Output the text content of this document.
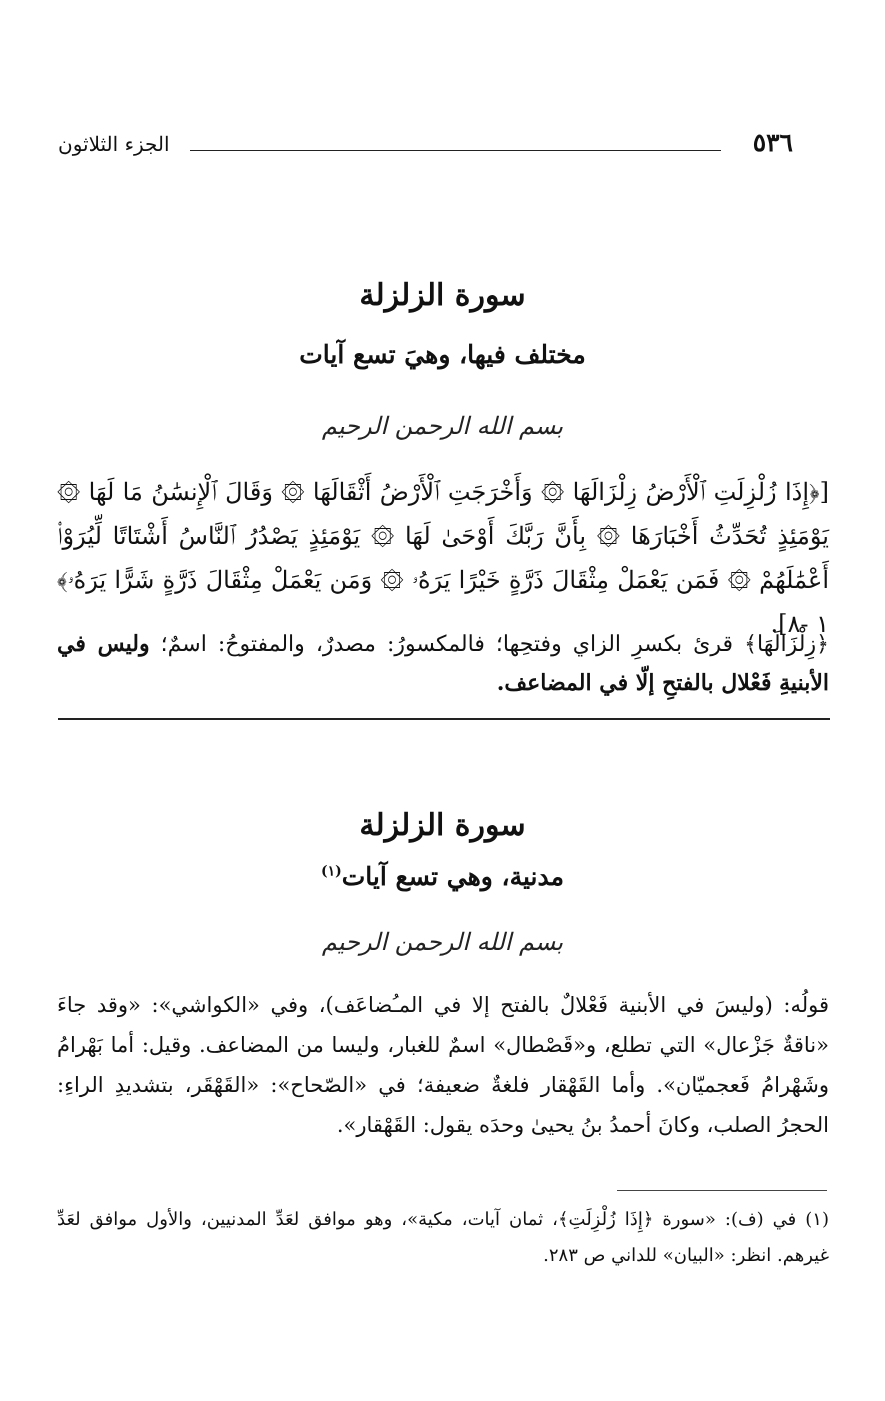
٥٣٦
الجزء الثلاثون
سورة الزلزلة
مختلف فيها، وهيَ تسع آيات
بسم الله الرحمن الرحيم
[﴿إِذَا زُلْزِلَتِ ٱلْأَرْضُ زِلْزَالَهَا ۞ وَأَخْرَجَتِ ٱلْأَرْضُ أَثْقَالَهَا ۞ وَقَالَ ٱلْإِنسَٰنُ مَا لَهَا ۞ يَوْمَئِذٍ تُحَدِّثُ أَخْبَارَهَا ۞ بِأَنَّ رَبَّكَ أَوْحَىٰ لَهَا ۞ يَوْمَئِذٍ يَصْدُرُ ٱلنَّاسُ أَشْتَاتًا لِّيُرَوْا۟ أَعْمَٰلَهُمْ ۞ فَمَن يَعْمَلْ مِثْقَالَ ذَرَّةٍ خَيْرًا يَرَهُۥ ۞ وَمَن يَعْمَلْ مِثْقَالَ ذَرَّةٍ شَرًّا يَرَهُۥ﴾ ١ -٨].
﴿زِلْزَالَهَا﴾ قرئ بكسرِ الزاي وفتحِها؛ فالمكسورُ: مصدرٌ، والمفتوحُ: اسمٌ؛ وليس في الأبنيةِ فَعْلال بالفتحِ إلّا في المضاعف.
سورة الزلزلة
مدنية، وهي تسع آيات$^{(١)}$
بسم الله الرحمن الرحيم
قولُه: (وليسَ في الأبنية فَعْلالٌ بالفتح إلا في المـُضاعَف)، وفي «الكواشي»: «وقد جاءَ «ناقةٌ جَزْعال» التي تطلع، و«قَصْطال» اسمٌ للغبار، وليسا من المضاعف. وقيل: أما بَهْرامُ وشَهْرامُ فَعجميّان». وأما القَهْقار فلغةٌ ضعيفة؛ في «الصّحاح»: «القَهْقَر، بتشديدِ الراءِ: الحجرُ الصلب، وكانَ أحمدُ بنُ يحيىٰ وحدَه يقول: القَهْقار».
(١) في (ف): «سورة ﴿إِذَا زُلْزِلَتِ﴾، ثمان آيات، مكية»، وهو موافق لعَدِّ المدنيين، والأول موافق لعَدِّ غيرهم. انظر: «البيان» للداني ص ٢٨٣.
